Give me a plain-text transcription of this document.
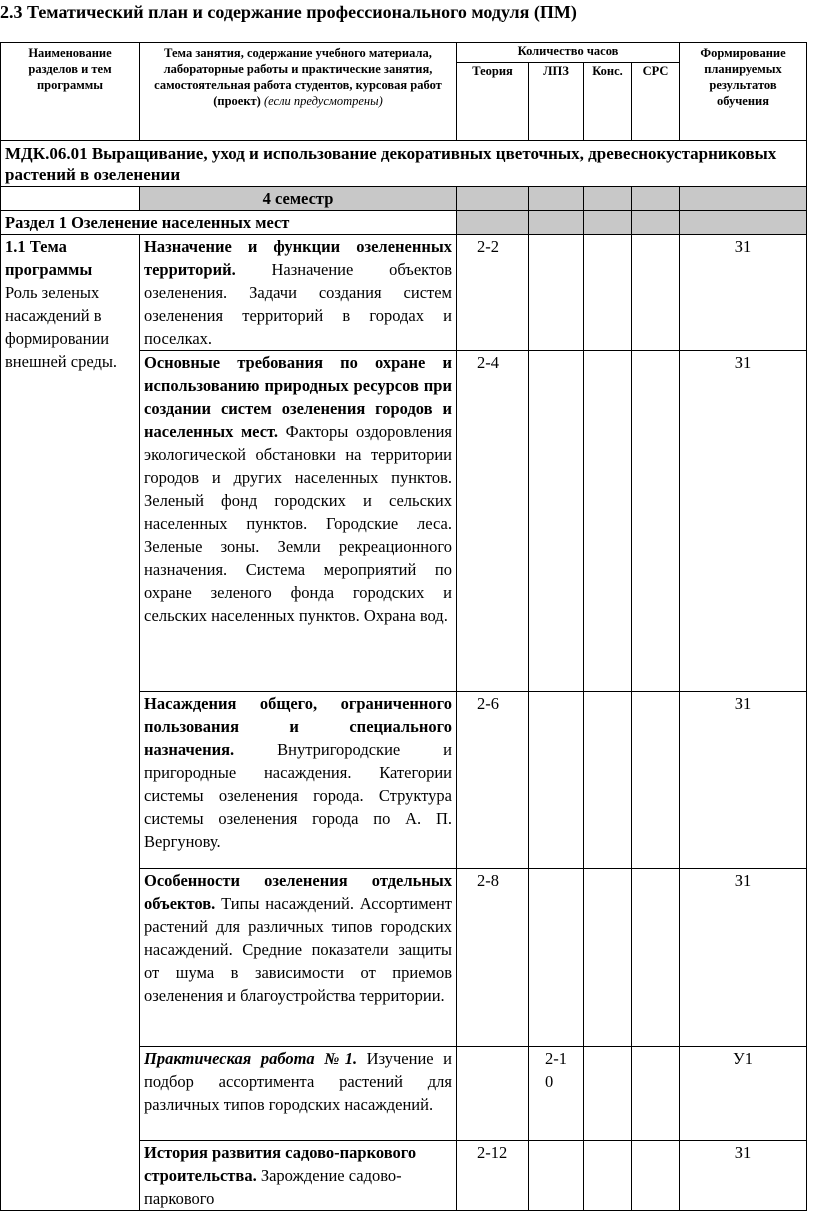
2.3 Тематический план и содержание профессионального модуля (ПМ)
Наименование разделов и тем программы	Тема занятия, содержание учебного материала, лабораторные работы и практические занятия, самостоятельная работа студентов, курсовая работ (проект) (если предусмотрены)	Количество часов				Формирование планируемых результатов обучения
		Теория	ЛПЗ	Конс.	СРС	
МДК.06.01 Выращивание, уход и использование декоративных цветочных, древеснокустарниковых растений в озеленении						
	4 семестр					
Раздел 1 Озеленение населенных мест						

1.1 Тема программы
Роль зеленых насаждений в формировании внешней среды.	Назначение и функции озелененных территорий. Назначение объектов озеленения. Задачи создания систем озеленения территорий в городах и поселках.	2-2				З1
	Основные требования по охране и использованию природных ресурсов при создании систем озеленения городов и населенных мест. Факторы оздоровления экологической обстановки на территории городов и других населенных пунктов. Зеленый фонд городских и сельских населенных пунктов. Городские леса. Зеленые зоны. Земли рекреационного назначения. Система мероприятий по охране зеленого фонда городских и сельских населенных пунктов. Охрана вод.	2-4				З1
	Насаждения общего, ограниченного пользования и специального назначения. Внутригородские и пригородные насаждения. Категории системы озеленения города. Структура системы озеленения города по А. П. Вергунову.	2-6				З1
	Особенности озеленения отдельных объектов. Типы насаждений. Ассортимент растений для различных типов городских насаждений. Средние показатели защиты от шума в зависимости от приемов озеленения и благоустройства территории.	2-8				З1
	Практическая работа №1. Изучение и подбор ассортимента растений для различных типов городских насаждений.		2-10			У1
	История развития садово-паркового строительства. Зарождение садово-паркового	2-12				З1
